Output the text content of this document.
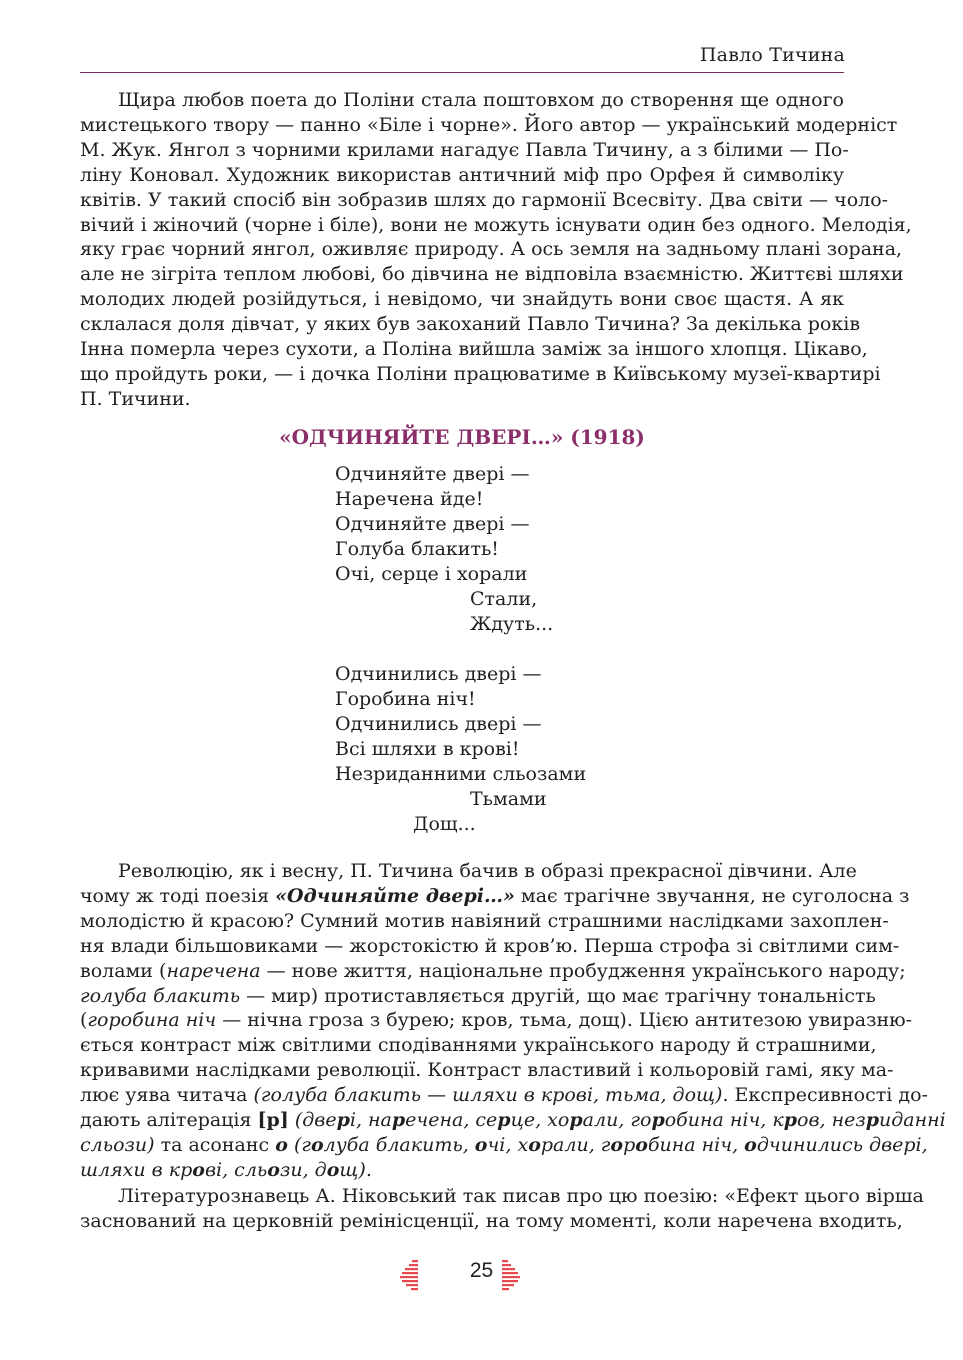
Павло Тичина
Щира любов поета до Поліни стала поштовхом до створення ще одного
мистецького твору — панно «Біле і чорне». Його автор — український модерніст
М. Жук. Янгол з чорними крилами нагадує Павла Тичину, а з білими — По-
ліну Коновал. Художник використав античний міф про Орфея й символіку
квітів. У такий спосіб він зобразив шлях до гармонії Всесвіту. Два світи — чоло-
вічий і жіночий (чорне і біле), вони не можуть існувати один без одного. Мелодія,
яку грає чорний янгол, оживляє природу. А ось земля на задньому плані зорана,
але не зігріта теплом любові, бо дівчина не відповіла взаємністю. Життєві шляхи
молодих людей розійдуться, і невідомо, чи знайдуть вони своє щастя. А як
склалася доля дівчат, у яких був закоханий Павло Тичина? За декілька років
Інна померла через сухоти, а Поліна вийшла заміж за іншого хлопця. Цікаво,
що пройдуть роки, — і дочка Поліни працюватиме в Київському музеї-квартирі
П. Тичини.
«ОДЧИНЯЙТЕ ДВЕРІ…» (1918)
Одчиняйте двері —
Наречена йде!
Одчиняйте двері —
Голуба блакить!
Очі, серце і хорали
Стали,
Ждуть...
Одчинились двері —
Горобина ніч!
Одчинились двері —
Всі шляхи в крові!
Незриданними сльозами
Тьмами
Дощ...
Революцію, як і весну, П. Тичина бачив в образі прекрасної дівчини. Але
чому ж тоді поезія «Одчиняйте двері…» має трагічне звучання, не суголосна з
молодістю й красою? Сумний мотив навіяний страшними наслідками захоплен-
ня влади більшовиками — жорстокістю й кров’ю. Перша строфа зі світлими сим-
волами (наречена — нове життя, національне пробудження українського народу;
голуба блакить — мир) протиставляється другій, що має трагічну тональність
(горобина ніч — нічна гроза з бурею; кров, тьма, дощ). Цією антитезою увиразню-
ється контраст між світлими сподіваннями українського народу й страшними,
кривавими наслідками революції. Контраст властивий і кольоровій гамі, яку ма-
лює уява читача (голуба блакить — шляхи в крові, тьма, дощ). Експресивності до-
дають алітерація [р] (двері, наречена, серце, хорали, горобина ніч, кров, незриданні
сльози) та асонанс о (голуба блакить, очі, хорали, горобина ніч, одчинились двері,
шляхи в крові, сльози, дощ).
Літературознавець А. Ніковський так писав про цю поезію: «Ефект цього вірша
заснований на церковній ремінісценції, на тому моменті, коли наречена входить,
25
